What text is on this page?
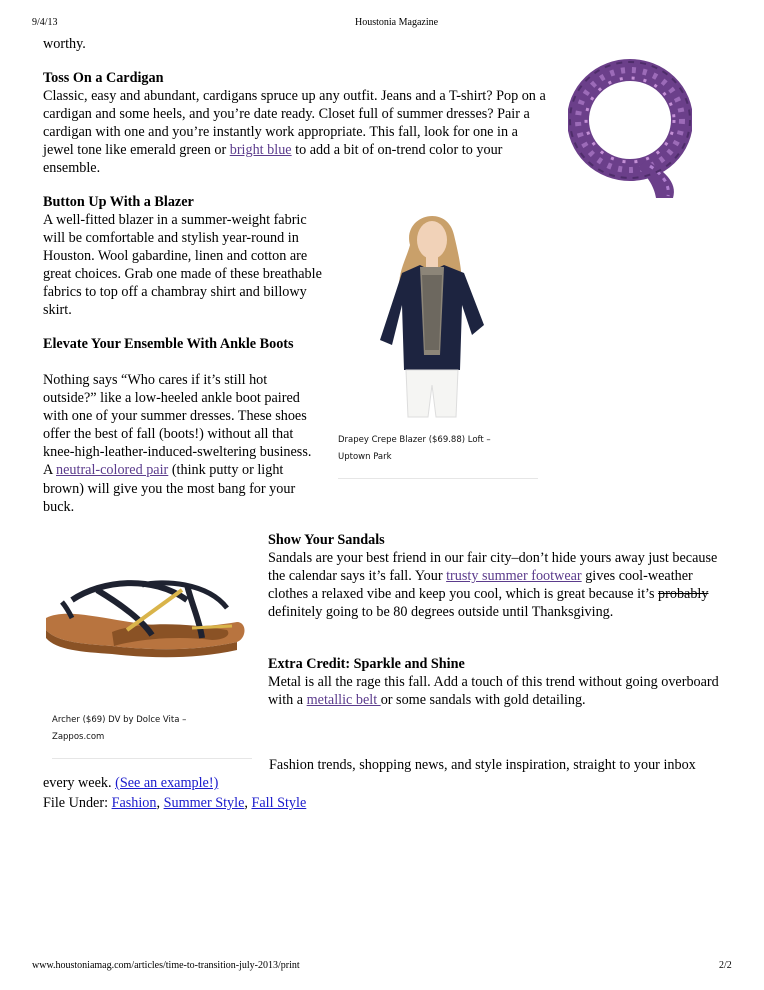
9/4/13	Houstonia Magazine
worthy.
Toss On a Cardigan
Classic, easy and abundant, cardigans spruce up any outfit. Jeans and a T-shirt? Pop on a cardigan and some heels, and you’re date ready. Closet full of summer dresses? Pair a cardigan with one and you’re instantly work appropriate. This fall, look for one in a jewel tone like emerald green or bright blue to add a bit of on-trend color to your ensemble.
Button Up With a Blazer
A well-fitted blazer in a summer-weight fabric will be comfortable and stylish year-round in Houston. Wool gabardine, linen and cotton are great choices. Grab one made of these breathable fabrics to top off a chambray shirt and billowy skirt.
Drapey Crepe Blazer ($69.88) Loft – Uptown Park
Elevate Your Ensemble With Ankle Boots
Nothing says “Who cares if it’s still hot outside?” like a low-heeled ankle boot paired with one of your summer dresses. These shoes offer the best of fall (boots!) without all that knee-high-leather-induced-sweltering business. A neutral-colored pair (think putty or light brown) will give you the most bang for your buck.
Archer ($69) DV by Dolce Vita – Zappos.com
Show Your Sandals
Sandals are your best friend in our fair city–don’t hide yours away just because the calendar says it’s fall. Your trusty summer footwear gives cool-weather clothes a relaxed vibe and keep you cool, which is great because it’s probably definitely going to be 80 degrees outside until Thanksgiving.
Extra Credit: Sparkle and Shine
Metal is all the rage this fall. Add a touch of this trend without going overboard with a metallic belt or some sandals with gold detailing.
Fashion trends, shopping news, and style inspiration, straight to your inbox every week. (See an example!)
File Under: Fashion, Summer Style, Fall Style
www.houstoniamag.com/articles/time-to-transition-july-2013/print	2/2
